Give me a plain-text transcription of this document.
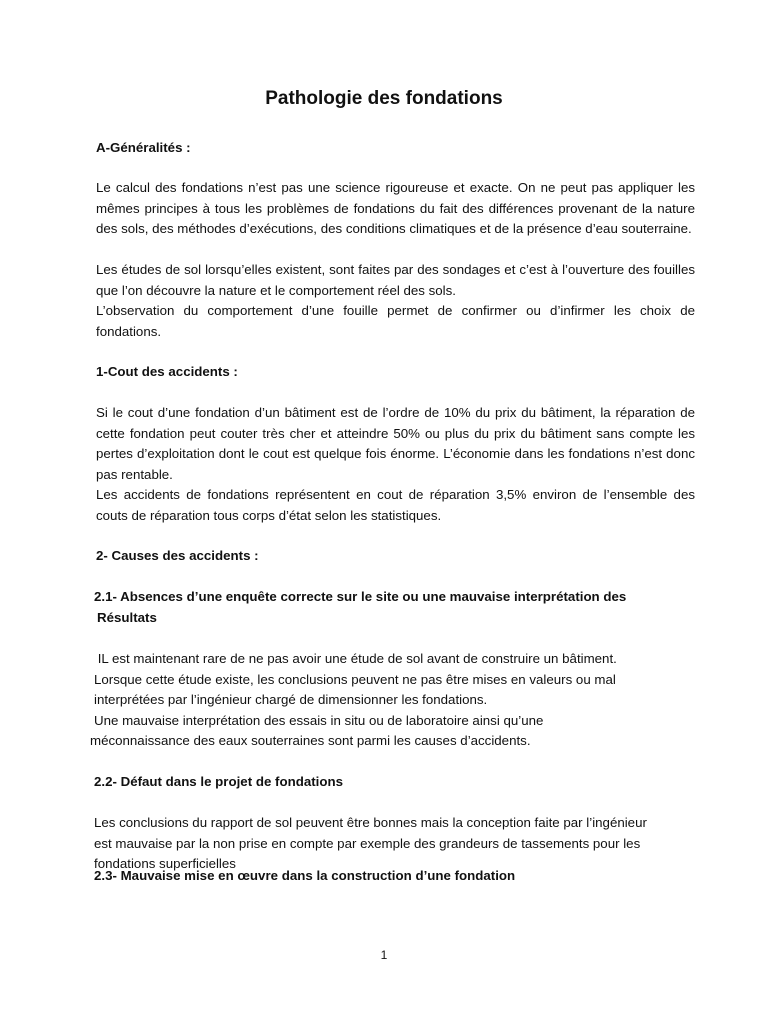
Pathologie des fondations
A-Généralités :
Le calcul des fondations n’est pas une science rigoureuse et exacte. On ne peut pas appliquer les mêmes principes à tous les problèmes de fondations du fait des différences provenant de la nature des sols, des méthodes d’exécutions, des conditions climatiques et de la présence d’eau souterraine.
Les études de sol lorsqu’elles existent, sont faites par des sondages et c’est à l’ouverture des fouilles que l’on découvre la nature et le comportement réel des sols.
L’observation du comportement d’une fouille permet de confirmer ou d’infirmer les choix de fondations.
1-Cout des accidents :
Si le cout d’une fondation d’un bâtiment est de l’ordre de 10% du prix du bâtiment, la réparation de cette fondation peut couter très cher et atteindre 50% ou plus du prix du bâtiment sans compte les pertes d’exploitation dont le cout est quelque fois énorme. L’économie dans les fondations n’est donc pas rentable.
Les accidents de fondations représentent en cout de réparation 3,5% environ de l’ensemble des couts de réparation tous corps d’état selon les statistiques.
2- Causes des accidents :
2.1- Absences d’une enquête correcte sur le site ou une mauvaise interprétation des
Résultats
IL est maintenant rare de ne pas avoir une étude de sol avant de construire un bâtiment.
Lorsque cette étude existe, les conclusions peuvent ne pas être mises en valeurs ou mal
interprétées par l’ingénieur chargé de dimensionner les fondations.
Une mauvaise interprétation des essais in situ ou de laboratoire ainsi qu’une
méconnaissance des eaux souterraines sont parmi les causes d’accidents.
2.2- Défaut dans le projet de fondations
Les conclusions du rapport de sol peuvent être bonnes mais la conception faite par l’ingénieur
est mauvaise par la non prise en compte par exemple des grandeurs de tassements pour les
fondations superficielles
2.3- Mauvaise mise en œuvre dans la construction d’une fondation
1
